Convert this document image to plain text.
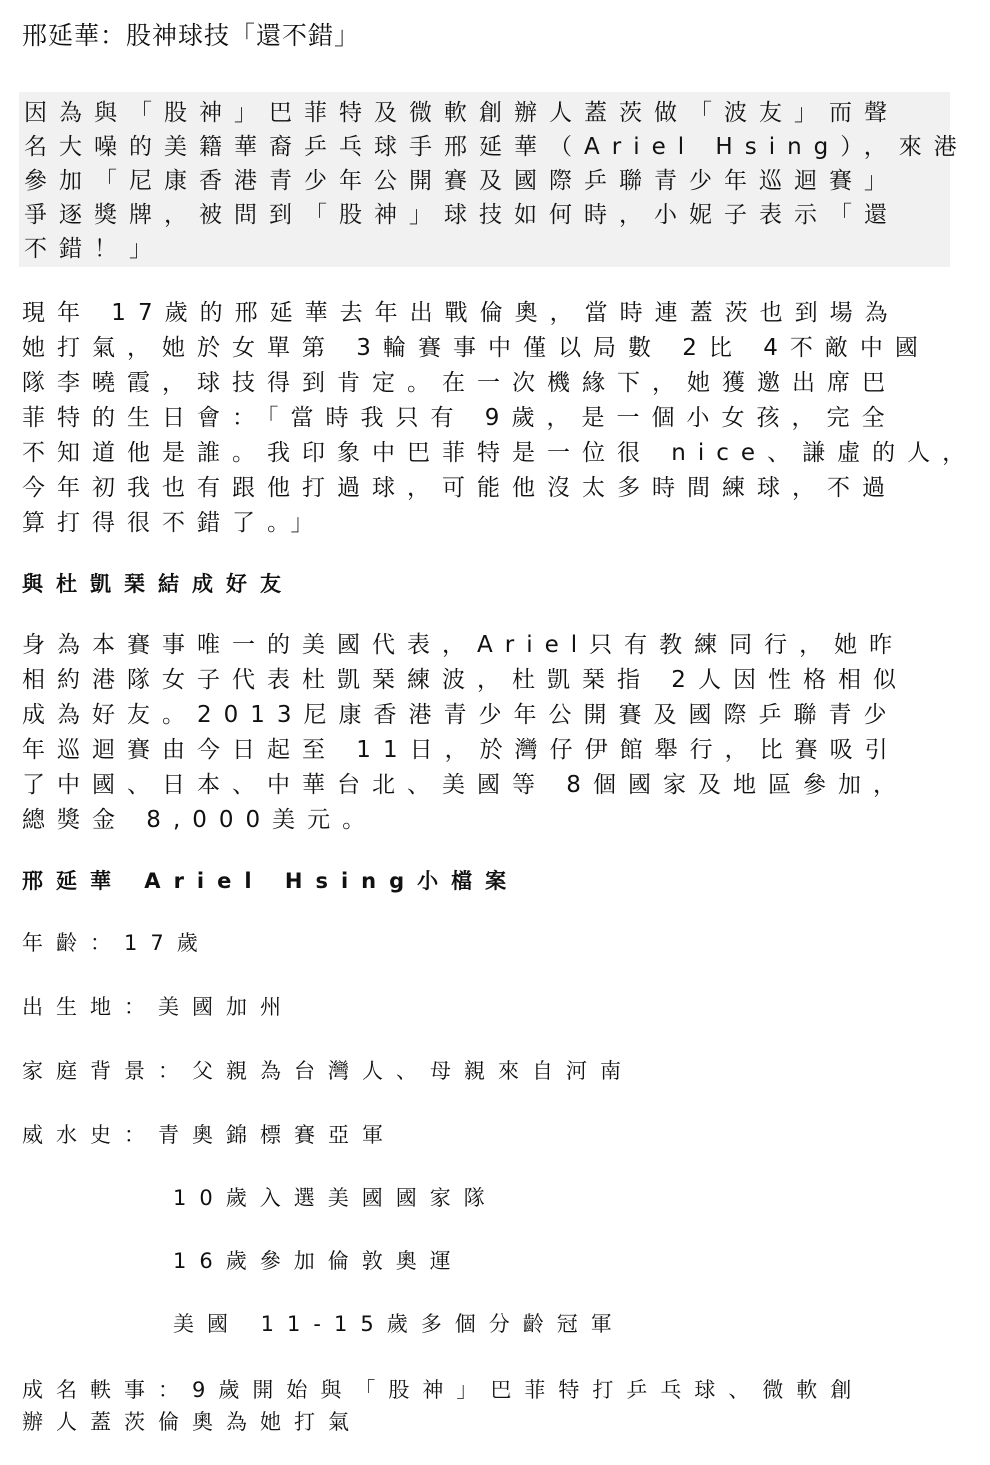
邢延華：股神球技「還不錯」
因為與「股神」巴菲特及微軟創辦人蓋茨做「波友」而聲
名大噪的美籍華裔乒乓球手邢延華（Ariel Hsing），來港
參加「尼康香港青少年公開賽及國際乒聯青少年巡迴賽」
爭逐獎牌，被問到「股神」球技如何時，小妮子表示「還
不錯！」
現年 17歲的邢延華去年出戰倫奧，當時連蓋茨也到場為
她打氣，她於女單第 3輪賽事中僅以局數 2比 4不敵中國
隊李曉霞，球技得到肯定。在一次機緣下，她獲邀出席巴
菲特的生日會：「當時我只有 9歲，是一個小女孩，完全
不知道他是誰。我印象中巴菲特是一位很 nice、謙虛的人，
今年初我也有跟他打過球，可能他沒太多時間練球，不過
算打得很不錯了。」
與杜凱琹結成好友
身為本賽事唯一的美國代表，Ariel只有教練同行，她昨
相約港隊女子代表杜凱琹練波，杜凱琹指 2人因性格相似
成為好友。2013尼康香港青少年公開賽及國際乒聯青少
年巡迴賽由今日起至 11日，於灣仔伊館舉行，比賽吸引
了中國、日本、中華台北、美國等 8個國家及地區參加，
總獎金 8,000美元。
邢延華 Ariel Hsing小檔案
年齡：17歲
出生地：美國加州
家庭背景：父親為台灣人、母親來自河南
威水史：青奧錦標賽亞軍
10歲入選美國國家隊
16歲參加倫敦奧運
美國 11-15歲多個分齡冠軍
成名軼事：9歲開始與「股神」巴菲特打乒乓球、微軟創
辦人蓋茨倫奧為她打氣
